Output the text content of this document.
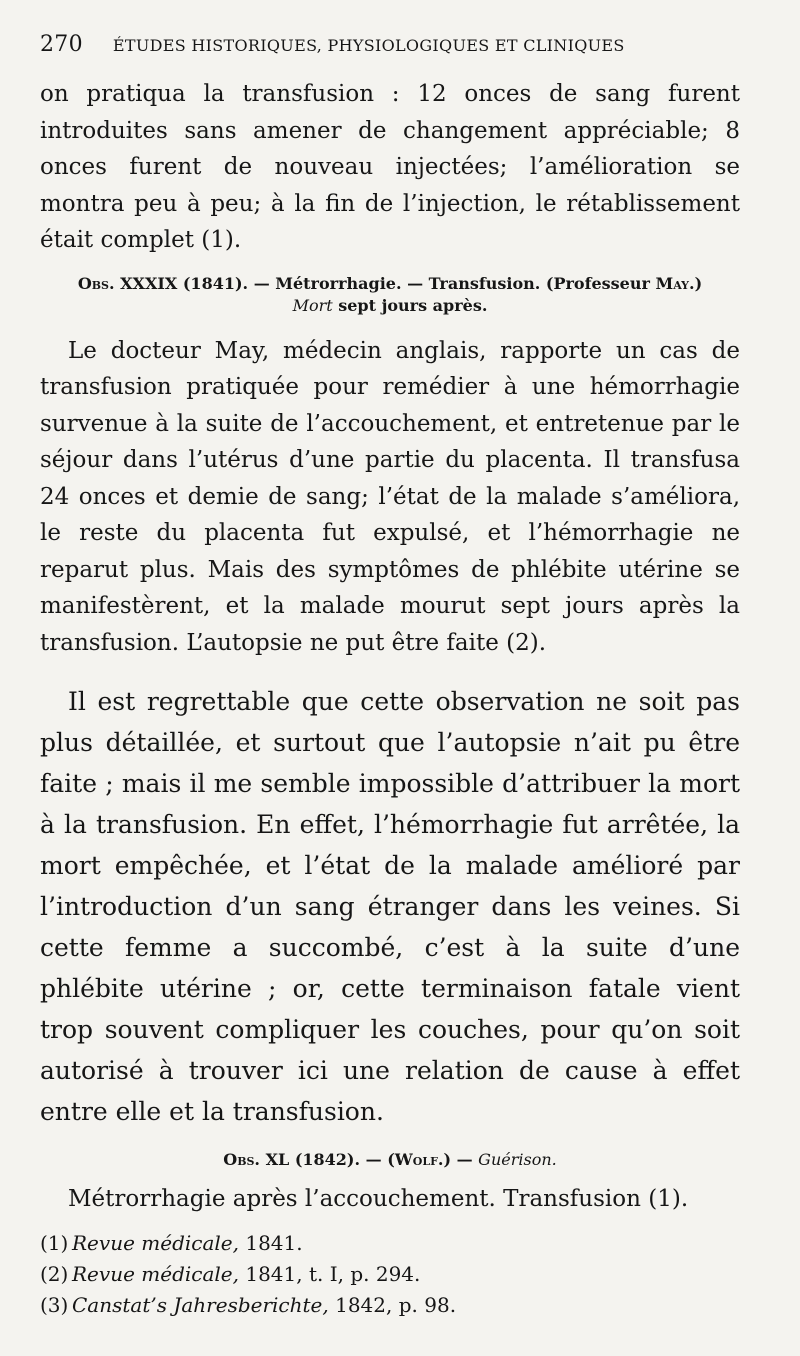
270 ÉTUDES HISTORIQUES, PHYSIOLOGIQUES ET CLINIQUES

on pratiqua la transfusion : 12 onces de sang furent introduites sans amener de changement appréciable; 8 onces furent de nouveau injectées; l’amélioration se montra peu à peu; à la fin de l’injection, le rétablissement était complet (1).

Obs. XXXIX (1841). — Métrorrhagie. — Transfusion. (Professeur May.)
Mort sept jours après.

Le docteur May, médecin anglais, rapporte un cas de transfusion pratiquée pour remédier à une hémorrhagie survenue à la suite de l’accouchement, et entretenue par le séjour dans l’utérus d’une partie du placenta. Il transfusa 24 onces et demie de sang; l’état de la malade s’améliora, le reste du placenta fut expulsé, et l’hémorrhagie ne reparut plus. Mais des symptômes de phlébite utérine se manifestèrent, et la malade mourut sept jours après la transfusion. L’autopsie ne put être faite (2).

Il est regrettable que cette observation ne soit pas plus détaillée, et surtout que l’autopsie n’ait pu être faite ; mais il me semble impossible d’attribuer la mort à la transfusion. En effet, l’hémorrhagie fut arrêtée, la mort empêchée, et l’état de la malade amélioré par l’introduction d’un sang étranger dans les veines. Si cette femme a succombé, c’est à la suite d’une phlébite utérine ; or, cette terminaison fatale vient trop souvent compliquer les couches, pour qu’on soit autorisé à trouver ici une relation de cause à effet entre elle et la transfusion.

Obs. XL (1842). — (Wolf.) — Guérison.

Métrorrhagie après l’accouchement. Transfusion (1).

(1) Revue médicale, 1841.
(2) Revue médicale, 1841, t. I, p. 294.
(3) Canstat’s Jahresberichte, 1842, p. 98.
